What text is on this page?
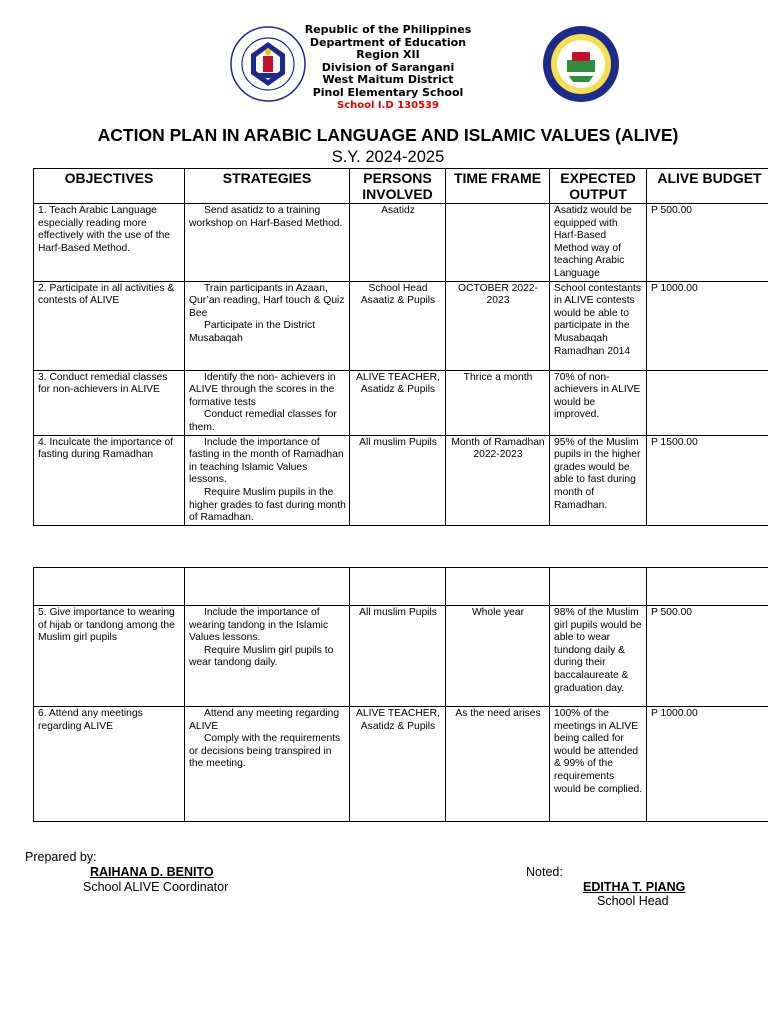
Republic of the Philippines
Department of Education
Region XII
Division of Sarangani
West Maitum District
Pinol Elementary School
School I.D 130539
ACTION PLAN IN ARABIC LANGUAGE AND ISLAMIC VALUES (ALIVE)
S.Y. 2024-2025
OBJECTIVES	STRATEGIES	PERSONS INVOLVED	TIME FRAME	EXPECTED OUTPUT	ALIVE BUDGET
1. Teach Arabic Language especially reading more effectively with the use of the Harf-Based Method.	Send asatidz to a training workshop on Harf-Based Method.	Asatidz		Asatidz would be equipped with Harf-Based Method way of teaching Arabic Language	P 500.00
2. Participate in all activities & contests of ALIVE	Train participants in Azaan, Qur’an reading, Harf touch & Quiz Bee
Participate in the District Musabaqah	School Head Asaatiz & Pupils	OCTOBER 2022-2023	School contestants in ALIVE contests would be able to participate in the Musabaqah Ramadhan 2014	P 1000.00
3. Conduct remedial classes for non-achievers in ALIVE	Identify the non- achievers in ALIVE through the scores in the formative tests
Conduct remedial classes for them.	ALIVE TEACHER, Asatidz & Pupils	Thrice a month	70% of non-achievers in ALIVE would be improved.	
4. Inculcate the importance of fasting during Ramadhan	Include the importance of fasting in the month of Ramadhan in teaching Islamic Values lessons.
Require Muslim pupils in the higher grades to fast during month of Ramadhan.	All muslim Pupils	Month of Ramadhan 2022-2023	95% of the Muslim pupils in the higher grades would be able to fast during month of Ramadhan.	P 1500.00

5. Give importance to wearing of hijab or tandong among the Muslim girl pupils	Include the importance of wearing tandong in the Islamic Values lessons.
Require Muslim girl pupils to wear tandong daily.	All muslim Pupils	Whole year	98% of the Muslim girl pupils would be able to wear tundong daily & during their baccalaureate & graduation day.	P 500.00
6. Attend any meetings regarding ALIVE	Attend any meeting regarding ALIVE
Comply with the requirements or decisions being transpired in the meeting.	ALIVE TEACHER, Asatidz & Pupils	As the need arises	100% of the meetings in ALIVE being called for would be attended & 99% of the requirements would be complied.	P 1000.00
Prepared by:
RAIHANA D. BENITO
School ALIVE Coordinator
Noted:
EDITHA T. PIANG
School Head
